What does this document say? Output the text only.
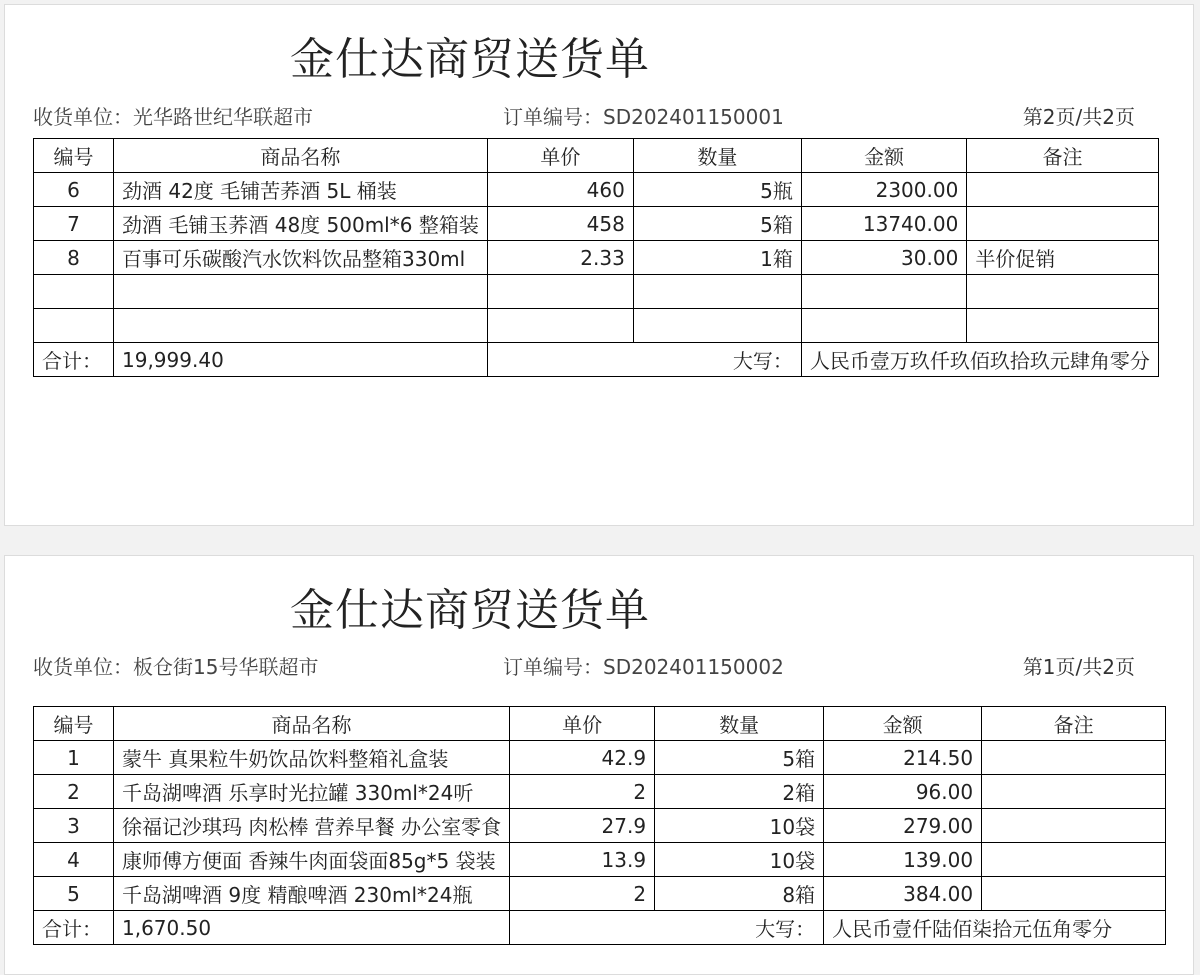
金仕达商贸送货单
收货单位：光华路世纪华联超市	订单编号：SD202401150001	第2页/共2页
编号	商品名称	单价	数量	金额	备注
6	劲酒 42度 毛铺苦荞酒 5L 桶装	460	5瓶	2300.00	
7	劲酒 毛铺玉荞酒 48度 500ml*6 整箱装	458	5箱	13740.00	
8	百事可乐碳酸汽水饮料饮品整箱330ml	2.33	1箱	30.00	半价促销

合计：	19,999.40	大写：		人民币壹万玖仟玖佰玖拾玖元肆角零分	
金仕达商贸送货单
收货单位：板仓街15号华联超市	订单编号：SD202401150002	第1页/共2页
编号	商品名称	单价	数量	金额	备注
1	蒙牛 真果粒牛奶饮品饮料整箱礼盒装	42.9	5箱	214.50	
2	千岛湖啤酒 乐享时光拉罐 330ml*24听	2	2箱	96.00	
3	徐福记沙琪玛 肉松棒 营养早餐 办公室零食	27.9	10袋	279.00	
4	康师傅方便面 香辣牛肉面袋面85g*5 袋装	13.9	10袋	139.00	
5	千岛湖啤酒 9度 精酿啤酒 230ml*24瓶	2	8箱	384.00	
合计：	1,670.50	大写：		人民币壹仟陆佰柒拾元伍角零分	
